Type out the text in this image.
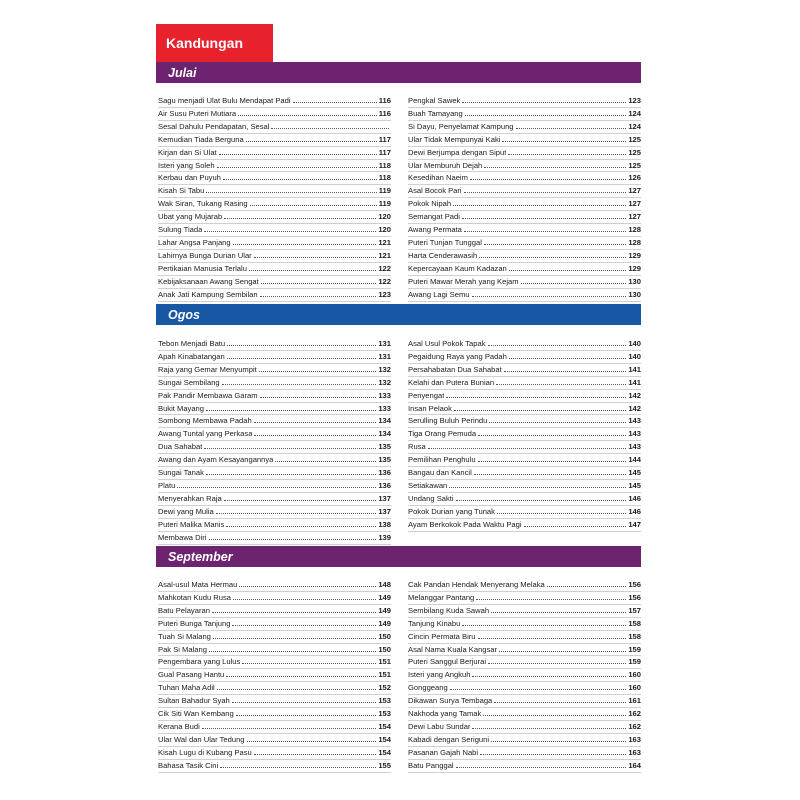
Kandungan
Julai
Sagu menjadi Ulat Bulu Mendapat Padi	116
Air Susu Puteri Mutiara	116
Sesal Dahulu Pendapatan, Sesal
Kemudian Tiada Berguna	117
Kirjan dan Si Ulat	117
Isteri yang Soleh	118
Kerbau dan Puyuh	118
Kisah Si Tabu	119
Wak Siran, Tukang Rasing	119
Ubat yang Mujarab	120
Sulung Tiada	120
Lahar Angsa Panjang	121
Lahirnya Bunga Durian Ular	121
Pertikaian Manusia Terlalu	122
Kebijaksanaan Awang Sengat	122
Anak Jati Kampung Sembilan	123
Pengkal Sawek	123
Buah Tamayang	124
Si Dayu, Penyelamat Kampung	124
Ular Tidak Mempunyai Kaki	125
Dewi Berjumpa dengan Siput	125
Ular Memburuh Dejah	125
Kesedihan Naeim	126
Asal Bocok Pari	127
Pokok Nipah	127
Semangat Padi	127
Awang Permata	128
Puteri Tunjan Tunggal	128
Harta Cenderawasih	129
Kepercayaan Kaum Kadazan	129
Puteri Mawar Merah yang Kejam	130
Awang Lagi Semu	130
Ogos
Tebon Menjadi Batu	131
Apah Kinabatangan	131
Raja yang Gemar Menyumpit	132
Sungai Sembilang	132
Pak Pandir Membawa Garam	133
Bukit Mayang	133
Sombong Membawa Padah	134
Awang Tuntal yang Perkasa	134
Dua Sahabat	135
Awang dan Ayam Kesayangannya	135
Sungai Tanak	136
Platu	136
Menyerahkan Raja	137
Dewi yang Mulia	137
Puteri Malika Manis	138
Membawa Diri	139
Asal Usul Pokok Tapak	140
Pegaidung Raya yang Padah	140
Persahabatan Dua Sahabat	141
Kelahi dan Putera Bunian	141
Penyengat	142
Insan Pelaok	142
Serulling Buluh Perindu	143
Tiga Orang Pemuda	143
Rusa	143
Pemilihan Penghulu	144
Bangau dan Kancil	145
Setiakawan	145
Undang Sakti	146
Pokok Durian yang Tunak	146
Ayam Berkokok Pada Waktu Pagi	147
September
Asal-usul Mata Hermau	148
Mahkotan Kudu Rusa	149
Batu Pelayaran	149
Puteri Bunga Tanjung	149
Tuah Si Malang	150
Pak Si Malang	150
Pengembara yang Lulus	151
Gual Pasang Hantu	151
Tuhan Maha Adil	152
Sultan Bahadur Syah	153
Cik Siti Wan Kembang	153
Kerana Budi	154
Ular Wal dan Ular Tedung	154
Kisah Lugu di Kubang Pasu	154
Bahasa Tasik Cini	155
Cak Pandan Hendak Menyerang Melaka	156
Melanggar Pantang	156
Sembilang Kuda Sawah	157
Tanjung Kinabu	158
Cincin Permata Biru	158
Asal Nama Kuala Kangsar	159
Puteri Sanggul Berjurai	159
Isteri yang Angkuh	160
Gonggeang	160
Dikawan Surya Tembaga	161
Nakhoda yang Tamak	162
Dewi Labu Sundar	162
Kabadi dengan Seriguni	163
Pasanan Gajah Nabi	163
Batu Panggal	164
